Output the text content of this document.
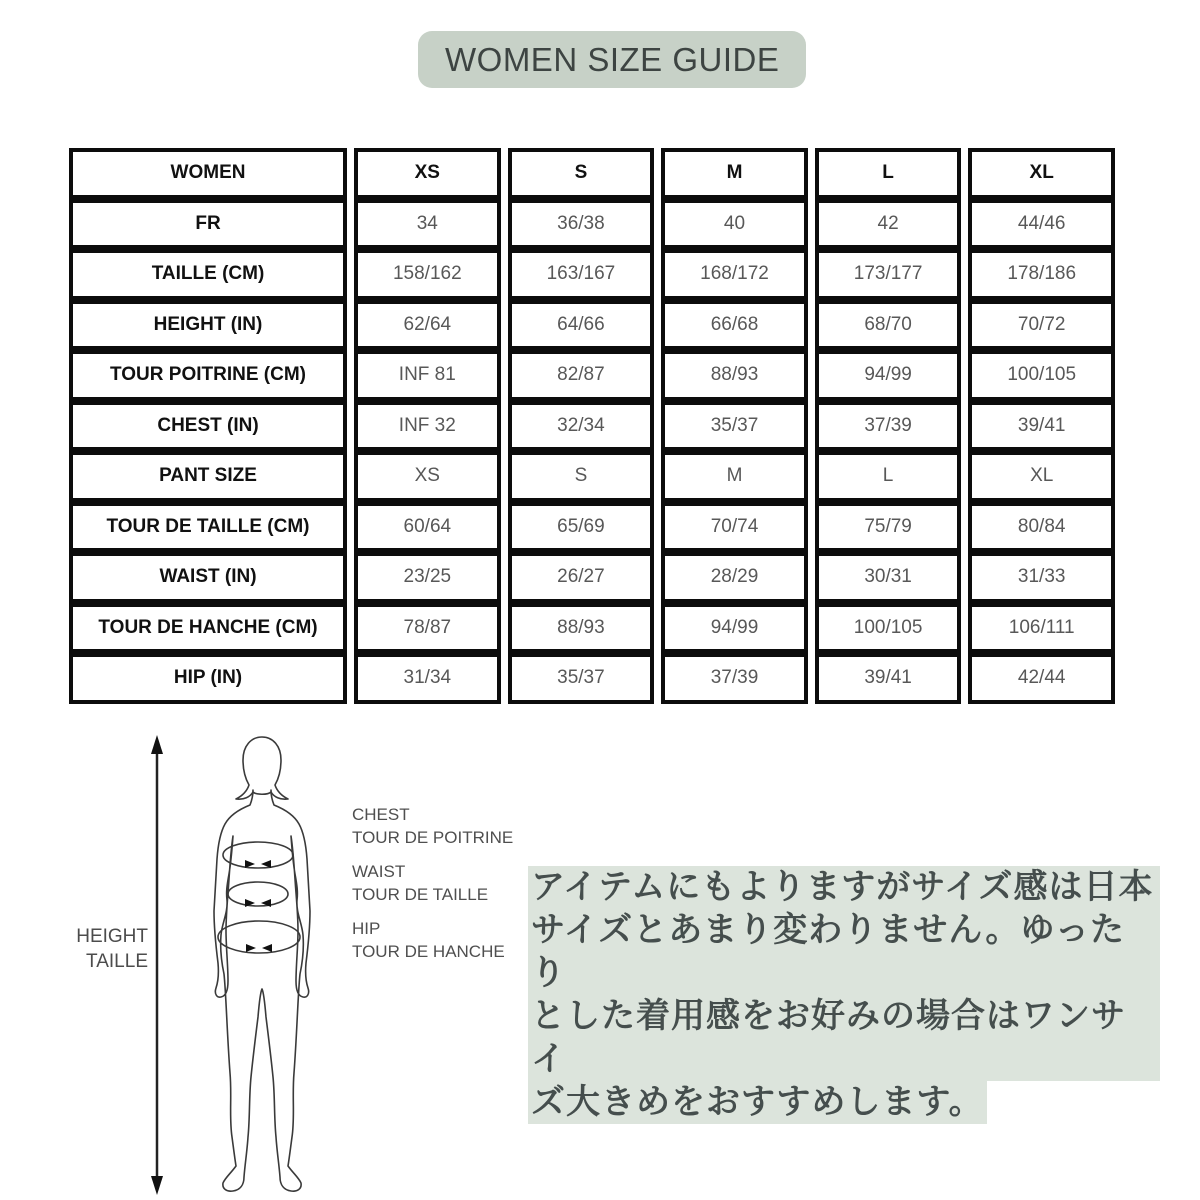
WOMEN SIZE GUIDE
WOMEN	XS	S	M	L	XL
FR	34	36/38	40	42	44/46
TAILLE (CM)	158/162	163/167	168/172	173/177	178/186
HEIGHT (IN)	62/64	64/66	66/68	68/70	70/72
TOUR POITRINE (CM)	INF 81	82/87	88/93	94/99	100/105
CHEST (IN)	INF 32	32/34	35/37	37/39	39/41
PANT SIZE	XS	S	M	L	XL
TOUR DE TAILLE (CM)	60/64	65/69	70/74	75/79	80/84
WAIST (IN)	23/25	26/27	28/29	30/31	31/33
TOUR DE HANCHE (CM)	78/87	88/93	94/99	100/105	106/111
HIP (IN)	31/34	35/37	37/39	39/41	42/44
HEIGHT
TAILLE
CHEST
TOUR DE POITRINE
WAIST
TOUR DE TAILLE
HIP
TOUR DE HANCHE
アイテムにもよりますがサイズ感は日本
サイズとあまり変わりません。ゆったり
とした着用感をお好みの場合はワンサイ
ズ大きめをおすすめします。
